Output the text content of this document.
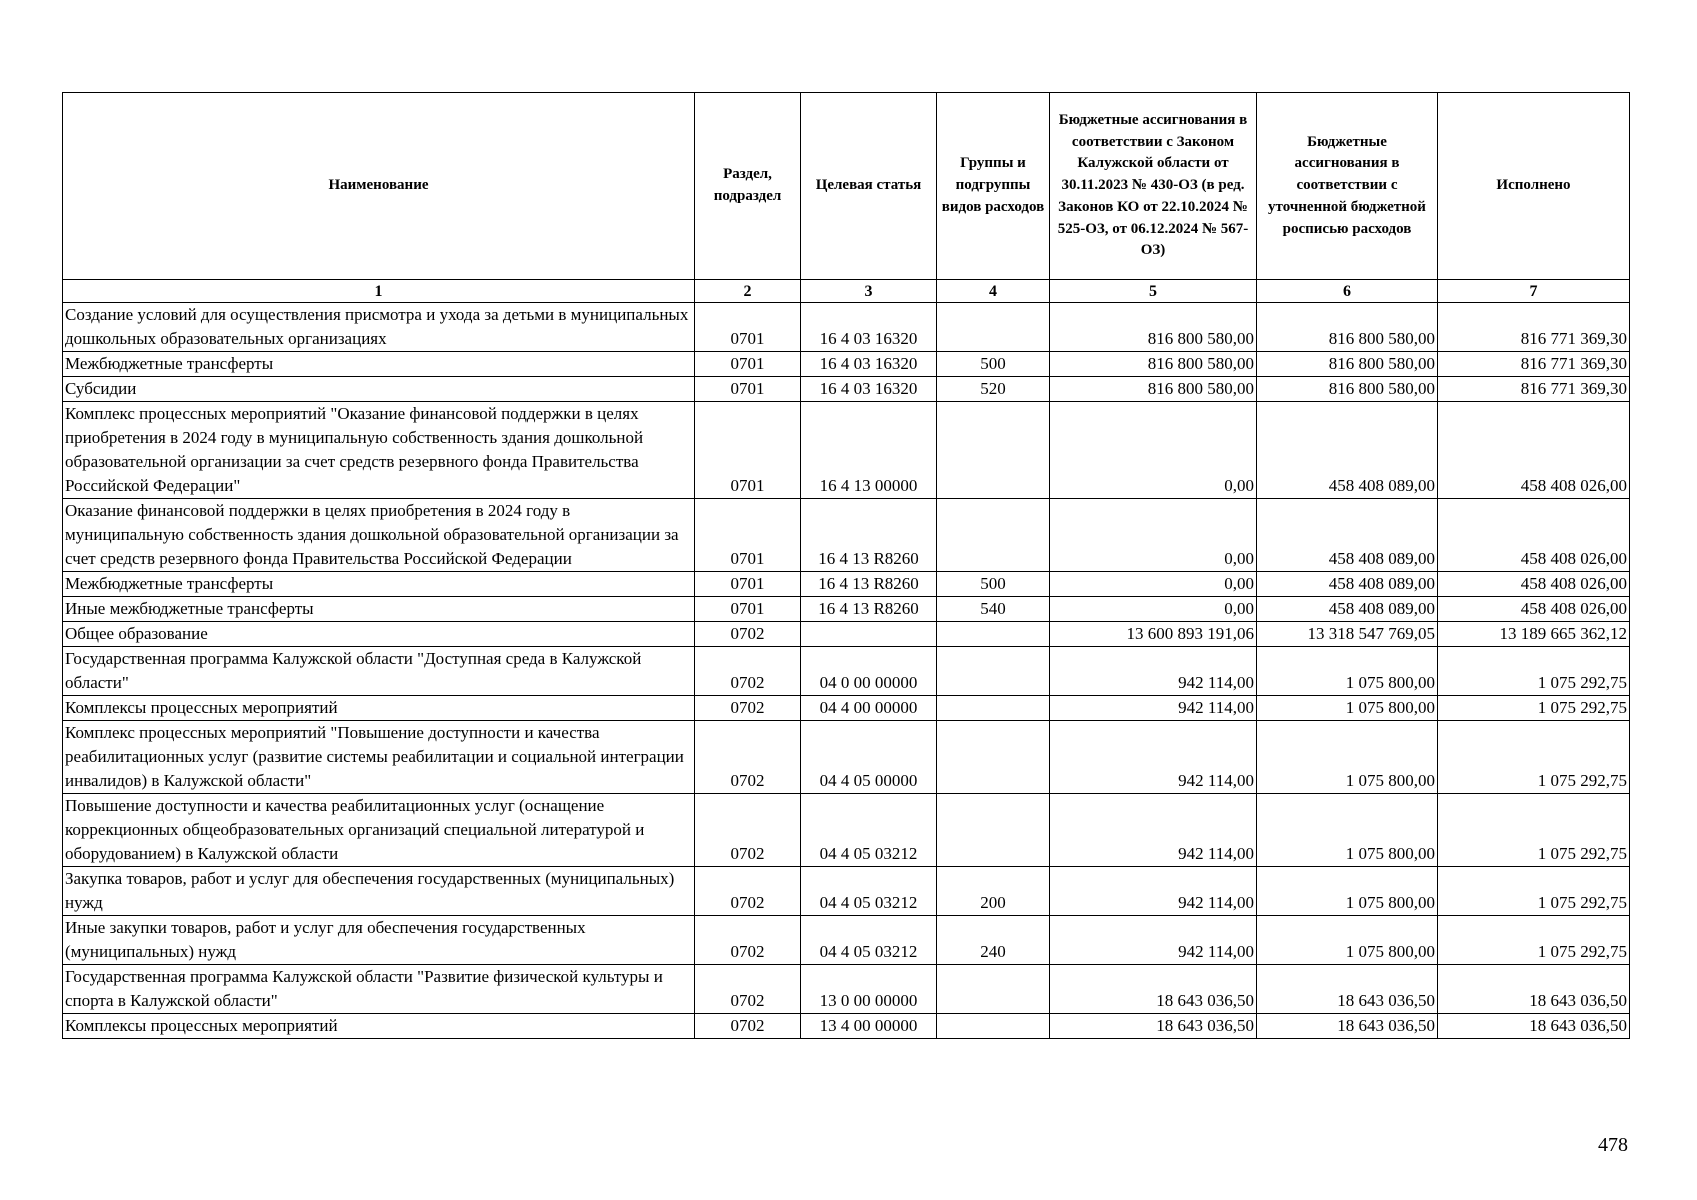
Наименование	Раздел, подраздел	Целевая статья	Группы и подгруппы видов расходов	Бюджетные ассигнования в соответствии с Законом Калужской области от 30.11.2023 № 430-ОЗ (в ред. Законов КО от 22.10.2024 № 525-ОЗ, от 06.12.2024 № 567-ОЗ)	Бюджетные ассигнования в соответствии с уточненной бюджетной росписью расходов	Исполнено
1	2	3	4	5	6	7
Создание условий для осуществления присмотра и ухода за детьми в муниципальных дошкольных образовательных организациях	0701	16 4 03 16320		816 800 580,00	816 800 580,00	816 771 369,30
Межбюджетные трансферты	0701	16 4 03 16320	500	816 800 580,00	816 800 580,00	816 771 369,30
Субсидии	0701	16 4 03 16320	520	816 800 580,00	816 800 580,00	816 771 369,30
Комплекс процессных мероприятий "Оказание финансовой поддержки в целях приобретения в 2024 году в муниципальную собственность здания дошкольной образовательной организации за счет средств резервного фонда Правительства Российской Федерации"	0701	16 4 13 00000		0,00	458 408 089,00	458 408 026,00
Оказание финансовой поддержки в целях приобретения в 2024 году в муниципальную собственность здания дошкольной образовательной организации за счет средств резервного фонда Правительства Российской Федерации	0701	16 4 13 R8260		0,00	458 408 089,00	458 408 026,00
Межбюджетные трансферты	0701	16 4 13 R8260	500	0,00	458 408 089,00	458 408 026,00
Иные межбюджетные трансферты	0701	16 4 13 R8260	540	0,00	458 408 089,00	458 408 026,00
Общее образование	0702			13 600 893 191,06	13 318 547 769,05	13 189 665 362,12
Государственная программа Калужской области "Доступная среда в Калужской области"	0702	04 0 00 00000		942 114,00	1 075 800,00	1 075 292,75
Комплексы процессных мероприятий	0702	04 4 00 00000		942 114,00	1 075 800,00	1 075 292,75
Комплекс процессных мероприятий "Повышение доступности и качества реабилитационных услуг (развитие системы реабилитации и социальной интеграции инвалидов) в Калужской области"	0702	04 4 05 00000		942 114,00	1 075 800,00	1 075 292,75
Повышение доступности и качества реабилитационных услуг (оснащение коррекционных общеобразовательных организаций специальной литературой и оборудованием) в Калужской области	0702	04 4 05 03212		942 114,00	1 075 800,00	1 075 292,75
Закупка товаров, работ и услуг для обеспечения государственных (муниципальных) нужд	0702	04 4 05 03212	200	942 114,00	1 075 800,00	1 075 292,75
Иные закупки товаров, работ и услуг для обеспечения государственных (муниципальных) нужд	0702	04 4 05 03212	240	942 114,00	1 075 800,00	1 075 292,75
Государственная программа Калужской области "Развитие физической культуры и спорта в Калужской области"	0702	13 0 00 00000		18 643 036,50	18 643 036,50	18 643 036,50
Комплексы процессных мероприятий	0702	13 4 00 00000		18 643 036,50	18 643 036,50	18 643 036,50
478
